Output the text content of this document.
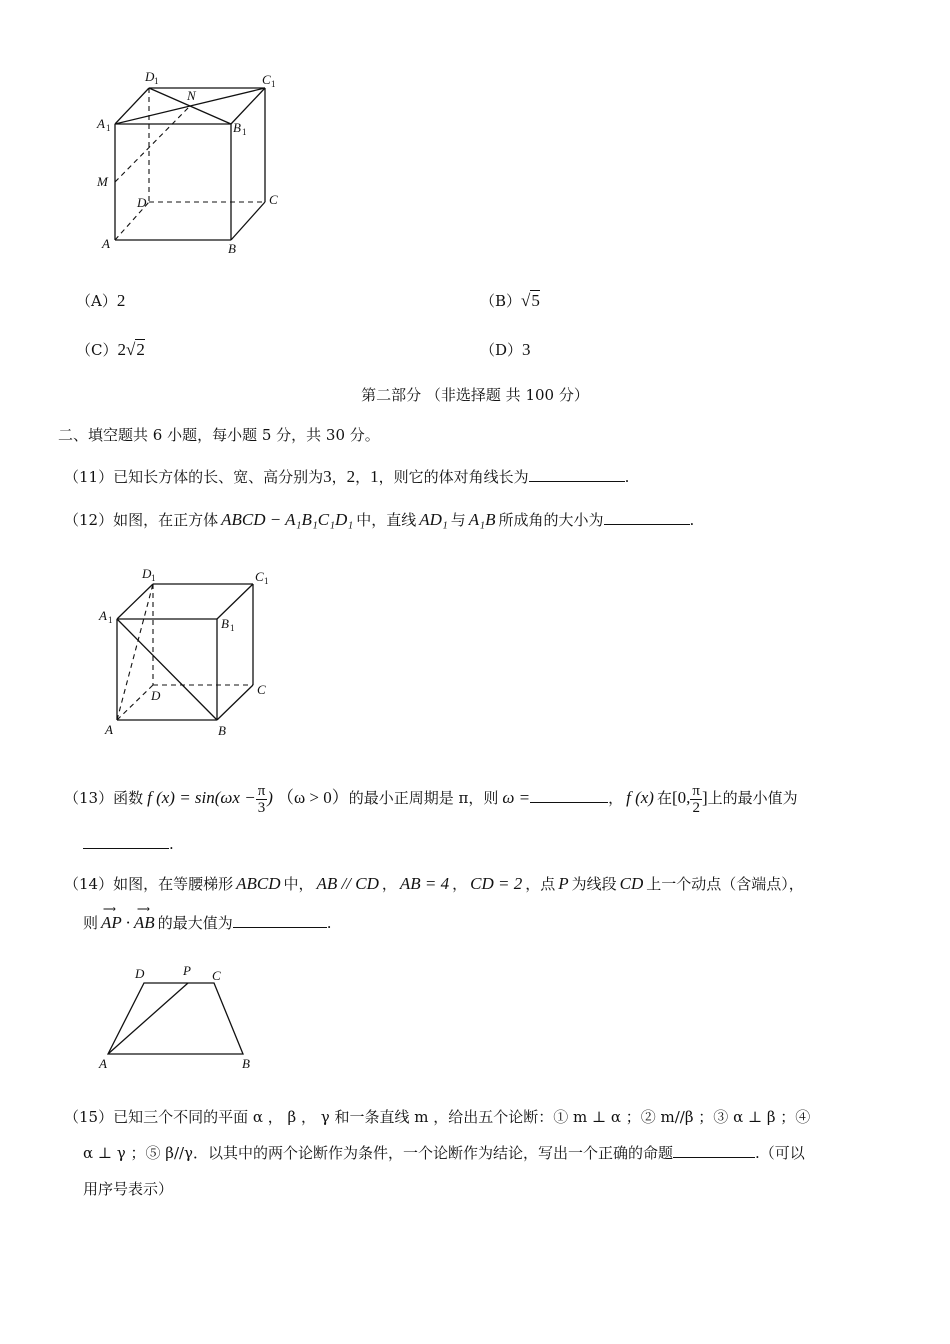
D 1	C 1
A 1	B 1
N
M
D	C
A	B
（A）2	（B）√5
（C）2√2	（D）3
第二部分 （非选择题 共 100 分）
二、填空题共 6 小题，每小题 5 分，共 30 分。
（11）已知长方体的长、宽、高分别为3，2，1，则它的体对角线长为	.
（12）如图，在正方体 ABCD − A₁B₁C₁D₁ 中，直线 AD₁ 与 A₁B 所成角的大小为	.
D 1	C 1
A 1	B 1
D	C
A	B
（13）函数 f $(x) = \sin(\omega x - \frac{\pi}{3}$ ) （ω > 0）的最小正周期是 π，则 ω =	， f (x) 在[0, $\frac{\pi}{2}$ ]上的最小值为
.
（14）如图，在等腰梯形 ABCD 中， AB // CD ， AB = 4 ， CD = 2 ，点 P 为线段 CD 上一个动点（含端点），
则 AP · AB
⟶ ⟶
的最大值为	.
D	P C
A	B
（15）已知三个不同的平面 α ， β ， γ 和一条直线 m ，给出五个论断：① m ⊥ α ；② m//β ；③ α ⊥ β ；④
α ⊥ γ ；⑤ β//γ．以其中的两个论断作为条件，一个论断作为结论，写出一个正确的命题	.（可以
用序号表示）
